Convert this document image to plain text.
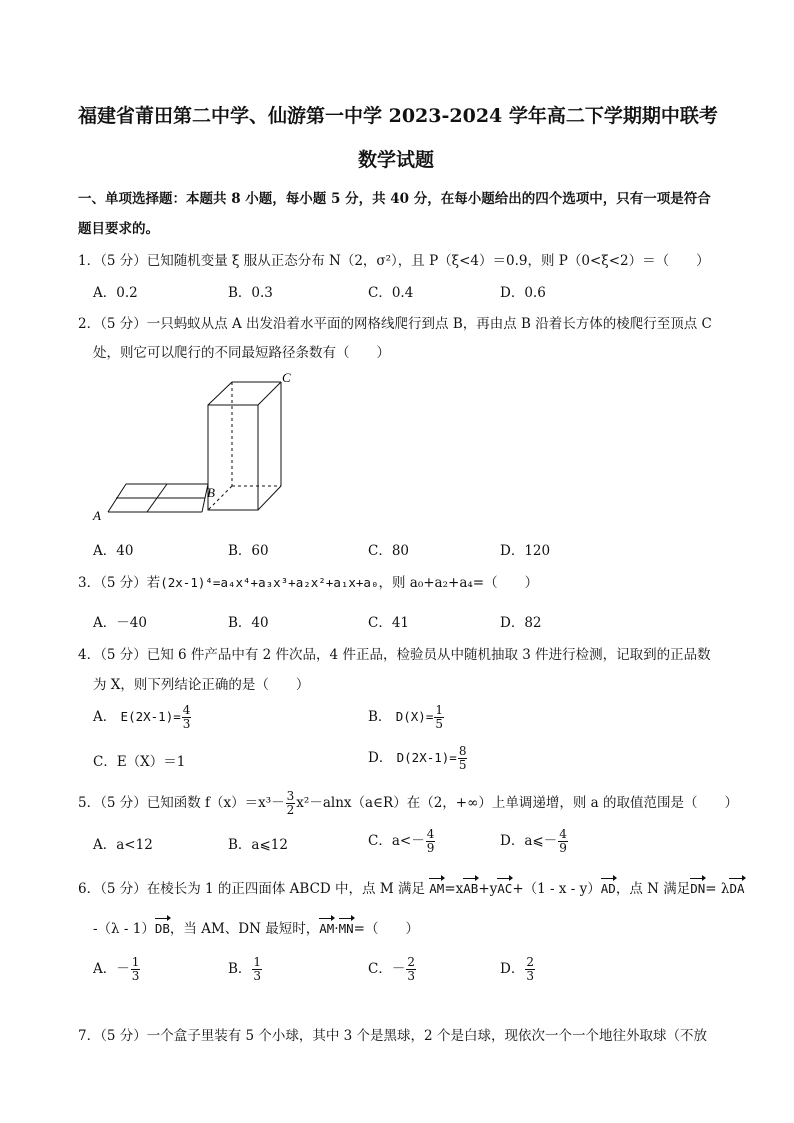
福建省莆田第二中学、仙游第一中学 2023-2024 学年高二下学期期中联考
数学试题
一、单项选择题：本题共 8 小题，每小题 5 分，共 40 分，在每小题给出的四个选项中，只有一项是符合
题目要求的。
1．（5 分）已知随机变量 ξ 服从正态分布 N（2，σ²），且 P（ξ<4）＝0.9，则 P（0<ξ<2）＝（　　）
A．0.2	B．0.3	C．0.4	D．0.6
2．（5 分）一只蚂蚁从点 A 出发沿着水平面的网格线爬行到点 B，再由点 B 沿着长方体的棱爬行至顶点 C
处，则它可以爬行的不同最短路径条数有（　　）
C
B
A
A．40	B．60	C．80	D．120
3．（5 分）若(2x-1)⁴=a₄x⁴+a₃x³+a₂x²+a₁x+a₀，则 a₀+a₂+a₄=（　　）
A．－40	B．40	C．41	D．82
4．（5 分）已知 6 件产品中有 2 件次品，4 件正品，检验员从中随机抽取 3 件进行检测，记取到的正品数
为 X，则下列结论正确的是（　　）
A． $E(2X-1)= \frac{4}{3}$	B． $D(X)= \frac{1}{5}$
C．E（X）＝1	D． $D(2X-1)= \frac{8}{5}$
5．（5 分）已知函数 $f(x)=x^3- \frac{3}{2}$ x²－alnx（a∈R）在（2，+∞）上单调递增，则 a 的取值范围是（　　）
A．a<12	B．a⩽12	C．$a<- \frac{4}{9}$	D．a⩽－ $\frac{4}{9}$
6．（5 分）在棱长为 1 的正四面体 ABCD 中，点 M 满足 AM=xAB+yAC+（1 - x - y）AD，点 N 满足DN= λDA
-（λ - 1）DB，当 AM、DN 最短时，AM·MN=（　　）
A．－ $\frac{1}{3}$	B． $\frac{1}{3}$	C．－ $\frac{2}{3}$	D． $\frac{2}{3}$
7．（5 分）一个盒子里装有 5 个小球，其中 3 个是黑球，2 个是白球，现依次一个一个地往外取球（不放
